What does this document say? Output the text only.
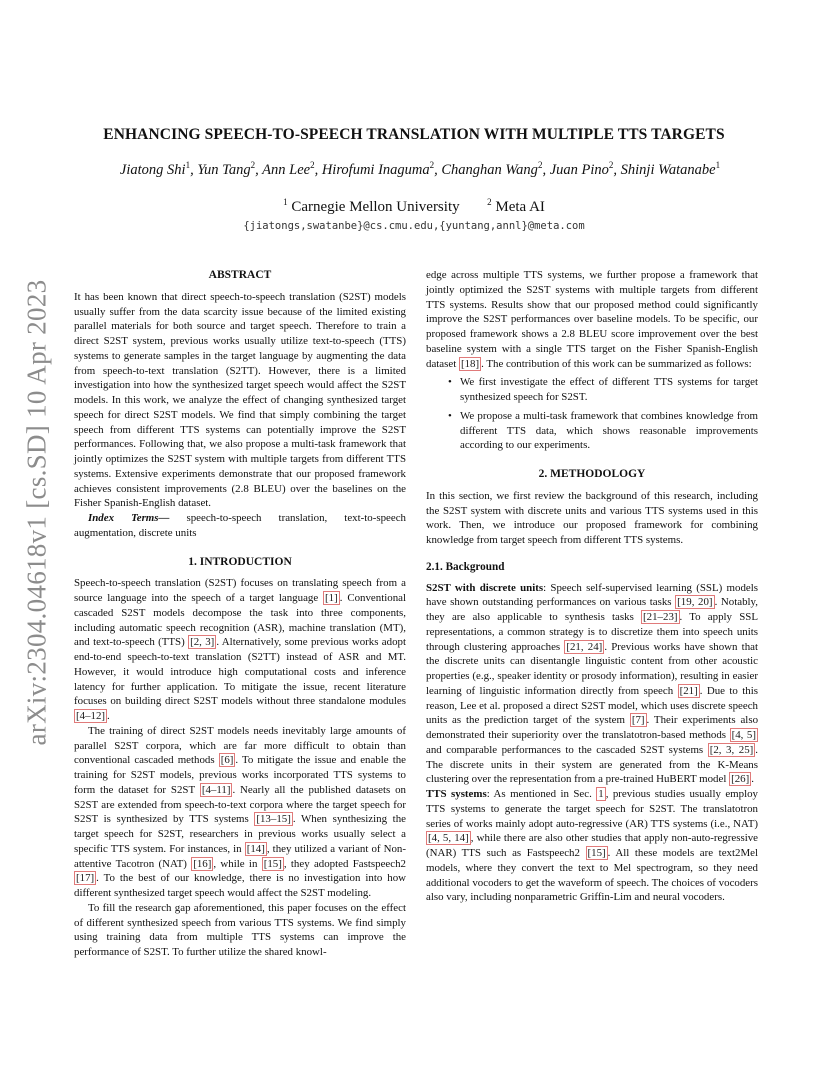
arXiv:2304.04618v1 [cs.SD] 10 Apr 2023
ENHANCING SPEECH-TO-SPEECH TRANSLATION WITH MULTIPLE TTS TARGETS
Jiatong Shi$^1$, Yun Tang$^2$, Ann Lee$^2$, Hirofumi Inaguma$^2$, Changhan Wang$^2$, Juan Pino$^2$, Shinji Watanabe$^1$
$^1$ Carnegie Mellon University	$^2$ Meta AI
{jiatongs,swatanbe}@cs.cmu.edu,{yuntang,annl}@meta.com
ABSTRACT

It has been known that direct speech-to-speech translation (S2ST) models usually suffer from the data scarcity issue because of the limited existing parallel materials for both source and target speech. Therefore to train a direct S2ST system, previous works usually utilize text-to-speech (TTS) systems to generate samples in the target language by augmenting the data from speech-to-text translation (S2TT). However, there is a limited investigation into how the synthesized target speech would affect the S2ST models. In this work, we analyze the effect of changing synthesized target speech for direct S2ST models. We find that simply combining the target speech from different TTS systems can potentially improve the S2ST performances. Following that, we also propose a multi-task framework that jointly optimizes the S2ST system with multiple targets from different TTS systems. Extensive experiments demonstrate that our proposed framework achieves consistent improvements (2.8 BLEU) over the baselines on the Fisher Spanish-English dataset.

Index Terms— speech-to-speech translation, text-to-speech augmentation, discrete units

1. INTRODUCTION

Speech-to-speech translation (S2ST) focuses on translating speech from a source language into the speech of a target language [1] . Conventional cascaded S2ST models decompose the task into three components, including automatic speech recognition (ASR), machine translation (MT), and text-to-speech (TTS) [2, 3] . Alternatively, some previous works adopt end-to-end speech-to-text translation (S2TT) instead of ASR and MT. However, it would introduce high computational costs and inference latency for further application. To mitigate the issue, recent literature focuses on building direct S2ST models without three standalone modules [4–12] .

The training of direct S2ST models needs inevitably large amounts of parallel S2ST corpora, which are far more difficult to obtain than conventional cascaded methods [6] . To mitigate the issue and enable the training for S2ST models, previous works incorporated TTS systems to form the dataset for S2ST [4–11] . Nearly all the published datasets on S2ST are extended from speech-to-text corpora where the target speech for S2ST is synthesized by TTS systems [13–15] . When synthesizing the target speech for S2ST, researchers in previous works usually select a specific TTS system. For instances, in [14] , they utilized a variant of Non-attentive Tacotron (NAT) [16] , while in [15] , they adopted Fastspeech2 [17] . To the best of our knowledge, there is no investigation into how different synthesized target speech would affect the S2ST modeling.

To fill the research gap aforementioned, this paper focuses on the effect of different synthesized speech from various TTS systems. We find simply using training data from multiple TTS systems can improve the performance of S2ST. To further utilize the shared knowl-

edge across multiple TTS systems, we further propose a framework that jointly optimized the S2ST systems with multiple targets from different TTS systems. Results show that our proposed method could significantly improve the S2ST performances over baseline models. To be specific, our proposed framework shows a 2.8 BLEU score improvement over the best baseline system with a single TTS target on the Fisher Spanish-English dataset [18] . The contribution of this work can be summarized as follows:

• We first investigate the effect of different TTS systems for target synthesized speech for S2ST.
• We propose a multi-task framework that combines knowledge from different TTS data, which shows reasonable improvements according to our experiments.
2. METHODOLOGY

In this section, we first review the background of this research, including the S2ST system with discrete units and various TTS systems used in this work. Then, we introduce our proposed framework for combining knowledge from target speech from different TTS systems.

2.1. Background

S2ST with discrete units: Speech self-supervised learning (SSL) models have shown outstanding performances on various tasks [19, 20] . Notably, they are also applicable to synthesis tasks [21–23] . To apply SSL representations, a common strategy is to discretize them into speech units through clustering approaches [21, 24] . Previous works have shown that the discrete units can disentangle linguistic content from other acoustic properties (e.g., speaker identity or prosody information), resulting in easier learning of linguistic information directly from speech [21] . Due to this reason, Lee et al. proposed a direct S2ST model, which uses discrete speech units as the prediction target of the system [7] . Their experiments also demonstrated their superiority over the translatotron-based methods [4, 5] and comparable performances to the cascaded S2ST systems [2, 3, 25] . The discrete units in their system are generated from the K-Means clustering over the representation from a pre-trained HuBERT model [26] .

TTS systems: As mentioned in Sec. 1 , previous studies usually employ TTS systems to generate the target speech for S2ST. The translatotron series of works mainly adopt auto-regressive (AR) TTS systems (i.e., NAT) [4, 5, 14] , while there are also other studies that apply non-auto-regressive (NAR) TTS such as Fastspeech2 [15] . All these models are text2Mel models, where they convert the text to Mel spectrogram, so they need additional vocoders to get the waveform of speech. The choices of vocoders also vary, including nonparametric Griffin-Lim and neural vocoders.
